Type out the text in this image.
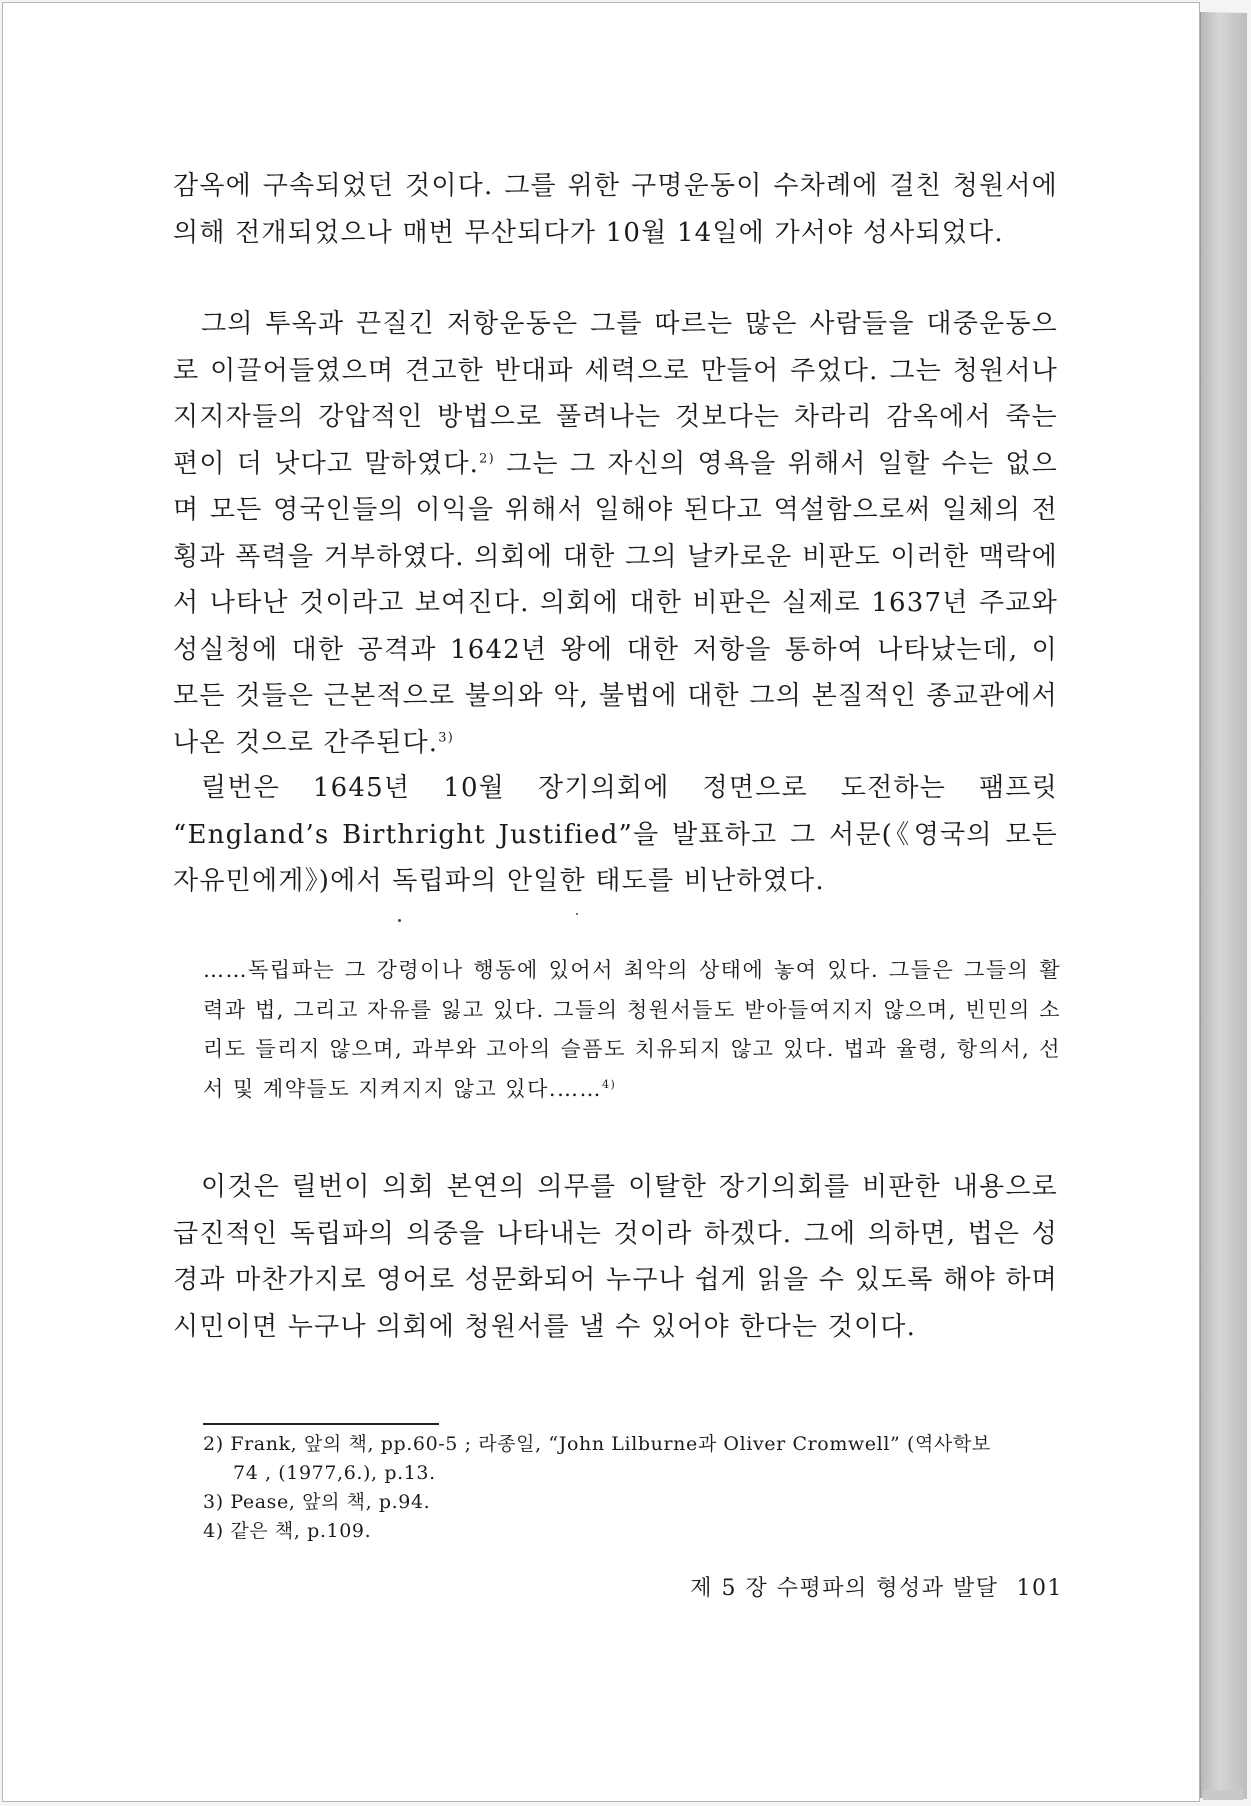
감옥에 구속되었던 것이다. 그를 위한 구명운동이 수차례에 걸친 청원서에 의해 전개되었으나 매번 무산되다가 10월 14일에 가서야 성사되었다.

그의 투옥과 끈질긴 저항운동은 그를 따르는 많은 사람들을 대중운동으로 이끌어들였으며 견고한 반대파 세력으로 만들어 주었다. 그는 청원서나 지지자들의 강압적인 방법으로 풀려나는 것보다는 차라리 감옥에서 죽는 편이 더 낫다고 말하였다.$^{2)}$ 그는 그 자신의 영욕을 위해서 일할 수는 없으며 모든 영국인들의 이익을 위해서 일해야 된다고 역설함으로써 일체의 전횡과 폭력을 거부하였다. 의회에 대한 그의 날카로운 비판도 이러한 맥락에서 나타난 것이라고 보여진다. 의회에 대한 비판은 실제로 1637년 주교와 성실청에 대한 공격과 1642년 왕에 대한 저항을 통하여 나타났는데, 이 모든 것들은 근본적으로 불의와 악, 불법에 대한 그의 본질적인 종교관에서 나온 것으로 간주된다.$^{3)}$

릴번은 1645년 10월 장기의회에 정면으로 도전하는 팸프릿 “England’s Birthright Justified”을 발표하고 그 서문(《영국의 모든 자유민에게》)에서 독립파의 안일한 태도를 비난하였다.

……독립파는 그 강령이나 행동에 있어서 최악의 상태에 놓여 있다. 그들은 그들의 활력과 법, 그리고 자유를 잃고 있다. 그들의 청원서들도 받아들여지지 않으며, 빈민의 소리도 들리지 않으며, 과부와 고아의 슬픔도 치유되지 않고 있다. 법과 율령, 항의서, 선서 및 계약들도 지켜지지 않고 있다.……$^{4)}$

이것은 릴번이 의회 본연의 의무를 이탈한 장기의회를 비판한 내용으로 급진적인 독립파의 의중을 나타내는 것이라 하겠다. 그에 의하면, 법은 성경과 마찬가지로 영어로 성문화되어 누구나 쉽게 읽을 수 있도록 해야 하며 시민이면 누구나 의회에 청원서를 낼 수 있어야 한다는 것이다.

2) Frank, 앞의 책, pp.60-5 ; 라종일, “John Lilburne과 Oliver Cromwell” (역사학보
74 , (1977,6.), p.13.
3) Pease, 앞의 책, p.94.
4) 같은 책, p.109.
제 5 장 수평파의 형성과 발달 101
